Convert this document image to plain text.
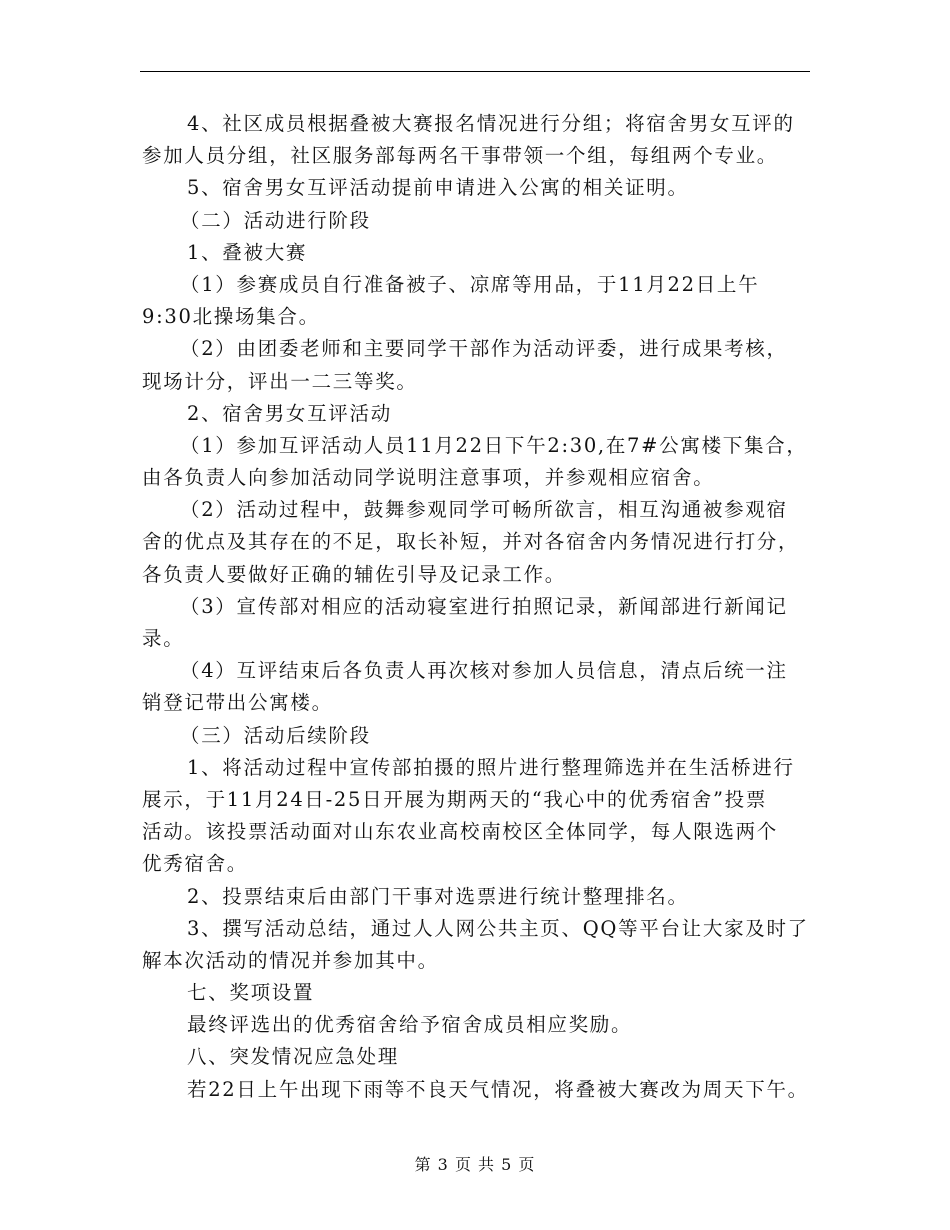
4、社区成员根据叠被大赛报名情况进行分组；将宿舍男女互评的
参加人员分组，社区服务部每两名干事带领一个组，每组两个专业。
5、宿舍男女互评活动提前申请进入公寓的相关证明。
（二）活动进行阶段
1、叠被大赛
（1）参赛成员自行准备被子、凉席等用品，于11月22日上午
9:30北操场集合。
（2）由团委老师和主要同学干部作为活动评委，进行成果考核，
现场计分，评出一二三等奖。
2、宿舍男女互评活动
（1）参加互评活动人员11月22日下午2:30,在7#公寓楼下集合，
由各负责人向参加活动同学说明注意事项，并参观相应宿舍。
（2）活动过程中，鼓舞参观同学可畅所欲言，相互沟通被参观宿
舍的优点及其存在的不足，取长补短，并对各宿舍内务情况进行打分，
各负责人要做好正确的辅佐引导及记录工作。
（3）宣传部对相应的活动寝室进行拍照记录，新闻部进行新闻记
录。
（4）互评结束后各负责人再次核对参加人员信息，清点后统一注
销登记带出公寓楼。
（三）活动后续阶段
1、将活动过程中宣传部拍摄的照片进行整理筛选并在生活桥进行
展示，于11月24日-25日开展为期两天的“我心中的优秀宿舍”投票
活动。该投票活动面对山东农业高校南校区全体同学，每人限选两个
优秀宿舍。
2、投票结束后由部门干事对选票进行统计整理排名。
3、撰写活动总结，通过人人网公共主页、QQ等平台让大家及时了
解本次活动的情况并参加其中。
七、奖项设置
最终评选出的优秀宿舍给予宿舍成员相应奖励。
八、突发情况应急处理
若22日上午出现下雨等不良天气情况，将叠被大赛改为周天下午。
第 3 页 共 5 页
